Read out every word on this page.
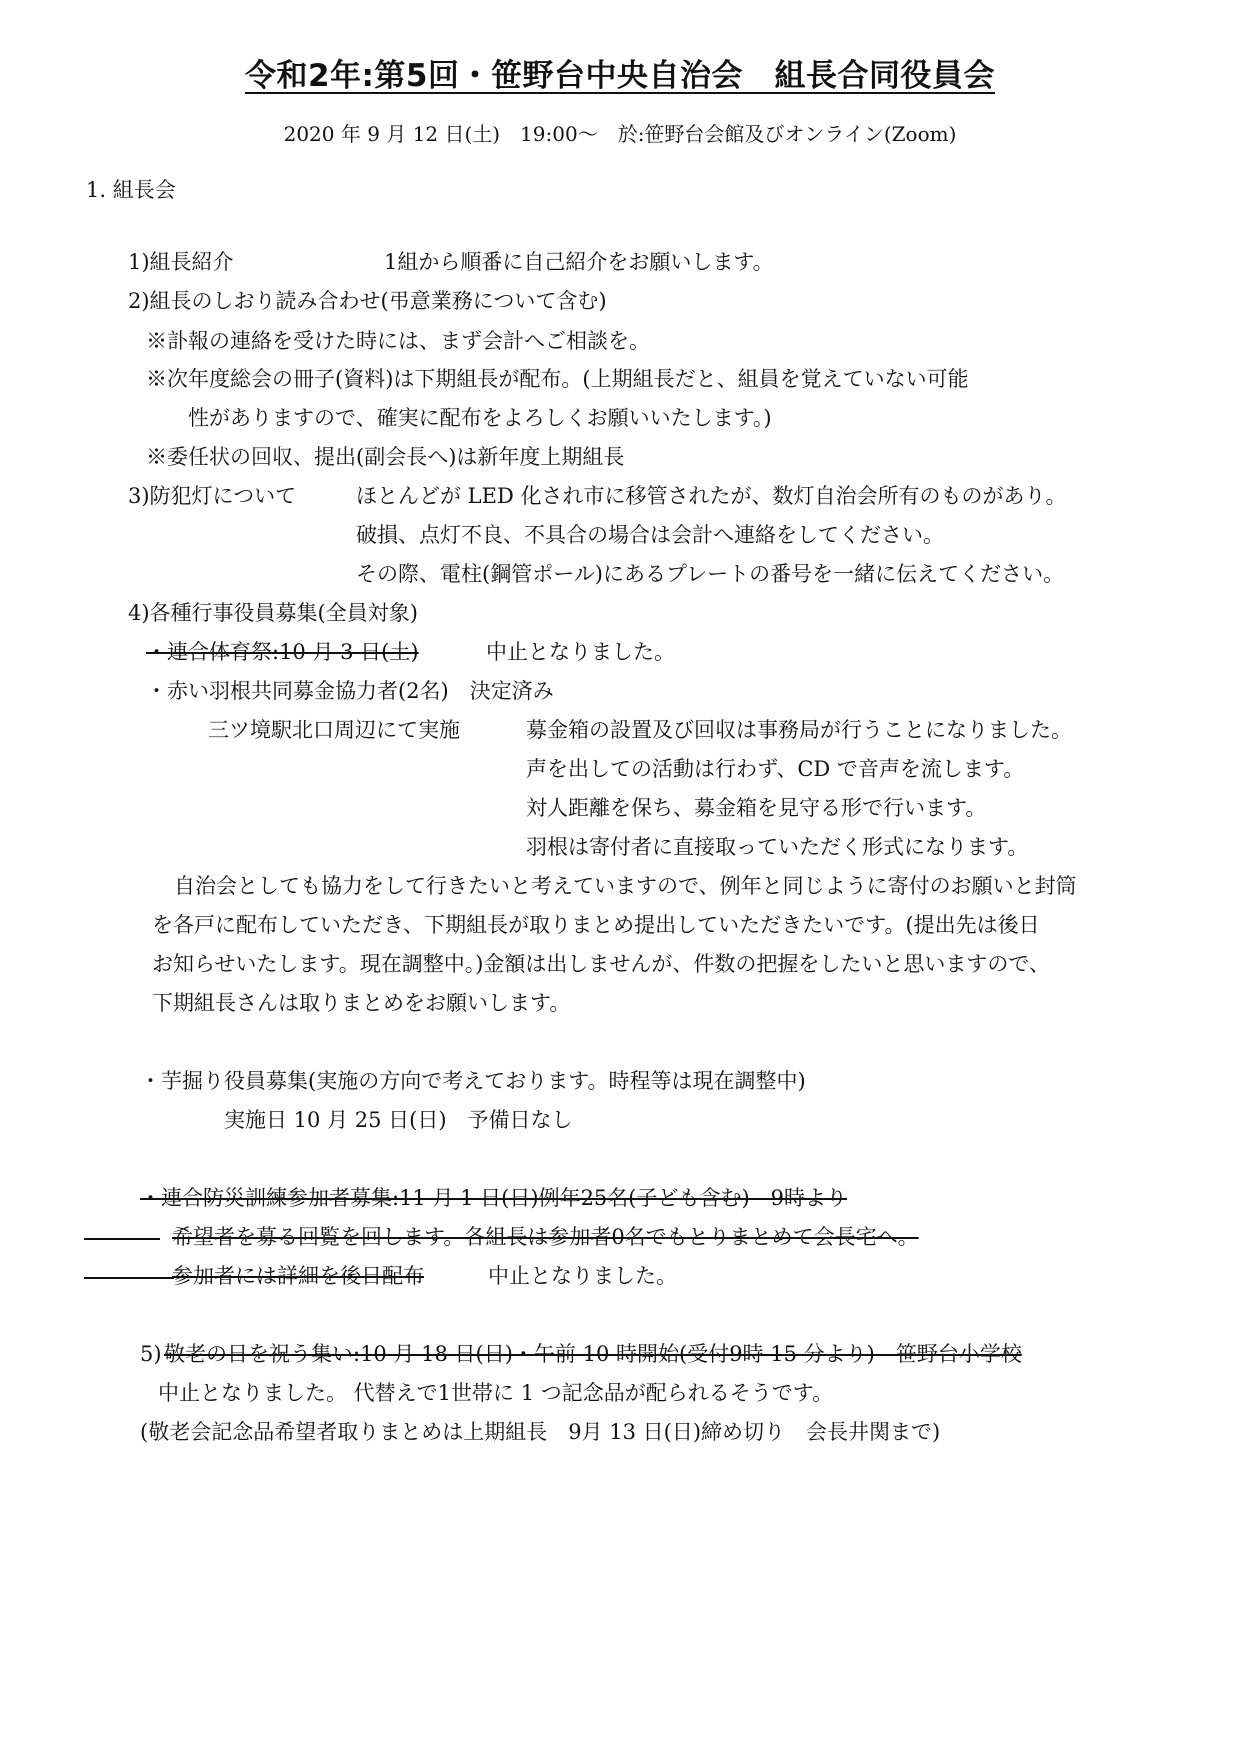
令和2年:第5回・笹野台中央自治会　組長合同役員会
2020 年 9 月 12 日(土)　19:00～　於:笹野台会館及びオンライン(Zoom)
1. 組長会
1)組長紹介	1組から順番に自己紹介をお願いします。
2)組長のしおり読み合わせ(弔意業務について含む)
※訃報の連絡を受けた時には、まず会計へご相談を。
※次年度総会の冊子(資料)は下期組長が配布。(上期組長だと、組員を覚えていない可能
性がありますので、確実に配布をよろしくお願いいたします。)
※委任状の回収、提出(副会長へ)は新年度上期組長
3)防犯灯について	ほとんどが LED 化され市に移管されたが、数灯自治会所有のものがあり。
破損、点灯不良、不具合の場合は会計へ連絡をしてください。
その際、電柱(鋼管ポール)にあるプレートの番号を一緒に伝えてください。
4)各種行事役員募集(全員対象)
・連合体育祭:10 月 3 日(土)	中止となりました。
・赤い羽根共同募金協力者(2名)　決定済み
三ツ境駅北口周辺にて実施	募金箱の設置及び回収は事務局が行うことになりました。
声を出しての活動は行わず、CD で音声を流します。
対人距離を保ち、募金箱を見守る形で行います。
羽根は寄付者に直接取っていただく形式になります。
自治会としても協力をして行きたいと考えていますので、例年と同じように寄付のお願いと封筒
を各戸に配布していただき、下期組長が取りまとめ提出していただきたいです。(提出先は後日
お知らせいたします。現在調整中。)金額は出しませんが、件数の把握をしたいと思いますので、
下期組長さんは取りまとめをお願いします。
・芋掘り役員募集(実施の方向で考えております。時程等は現在調整中)
実施日 10 月 25 日(日)　予備日なし
・連合防災訓練参加者募集:11 月 1 日(日)例年25名(子ども含む)　9時より
希望者を募る回覧を回します。各組長は参加者0名でもとりまとめて会長宅へ。
参加者には詳細を後日配布	中止となりました。
5) 敬老の日を祝う集い:10 月 18 日(日)・午前 10 時開始(受付9時 15 分より)　笹野台小学校
中止となりました。 代替えで1世帯に 1 つ記念品が配られるそうです。
(敬老会記念品希望者取りまとめは上期組長　9月 13 日(日)締め切り　会長井関まで)
